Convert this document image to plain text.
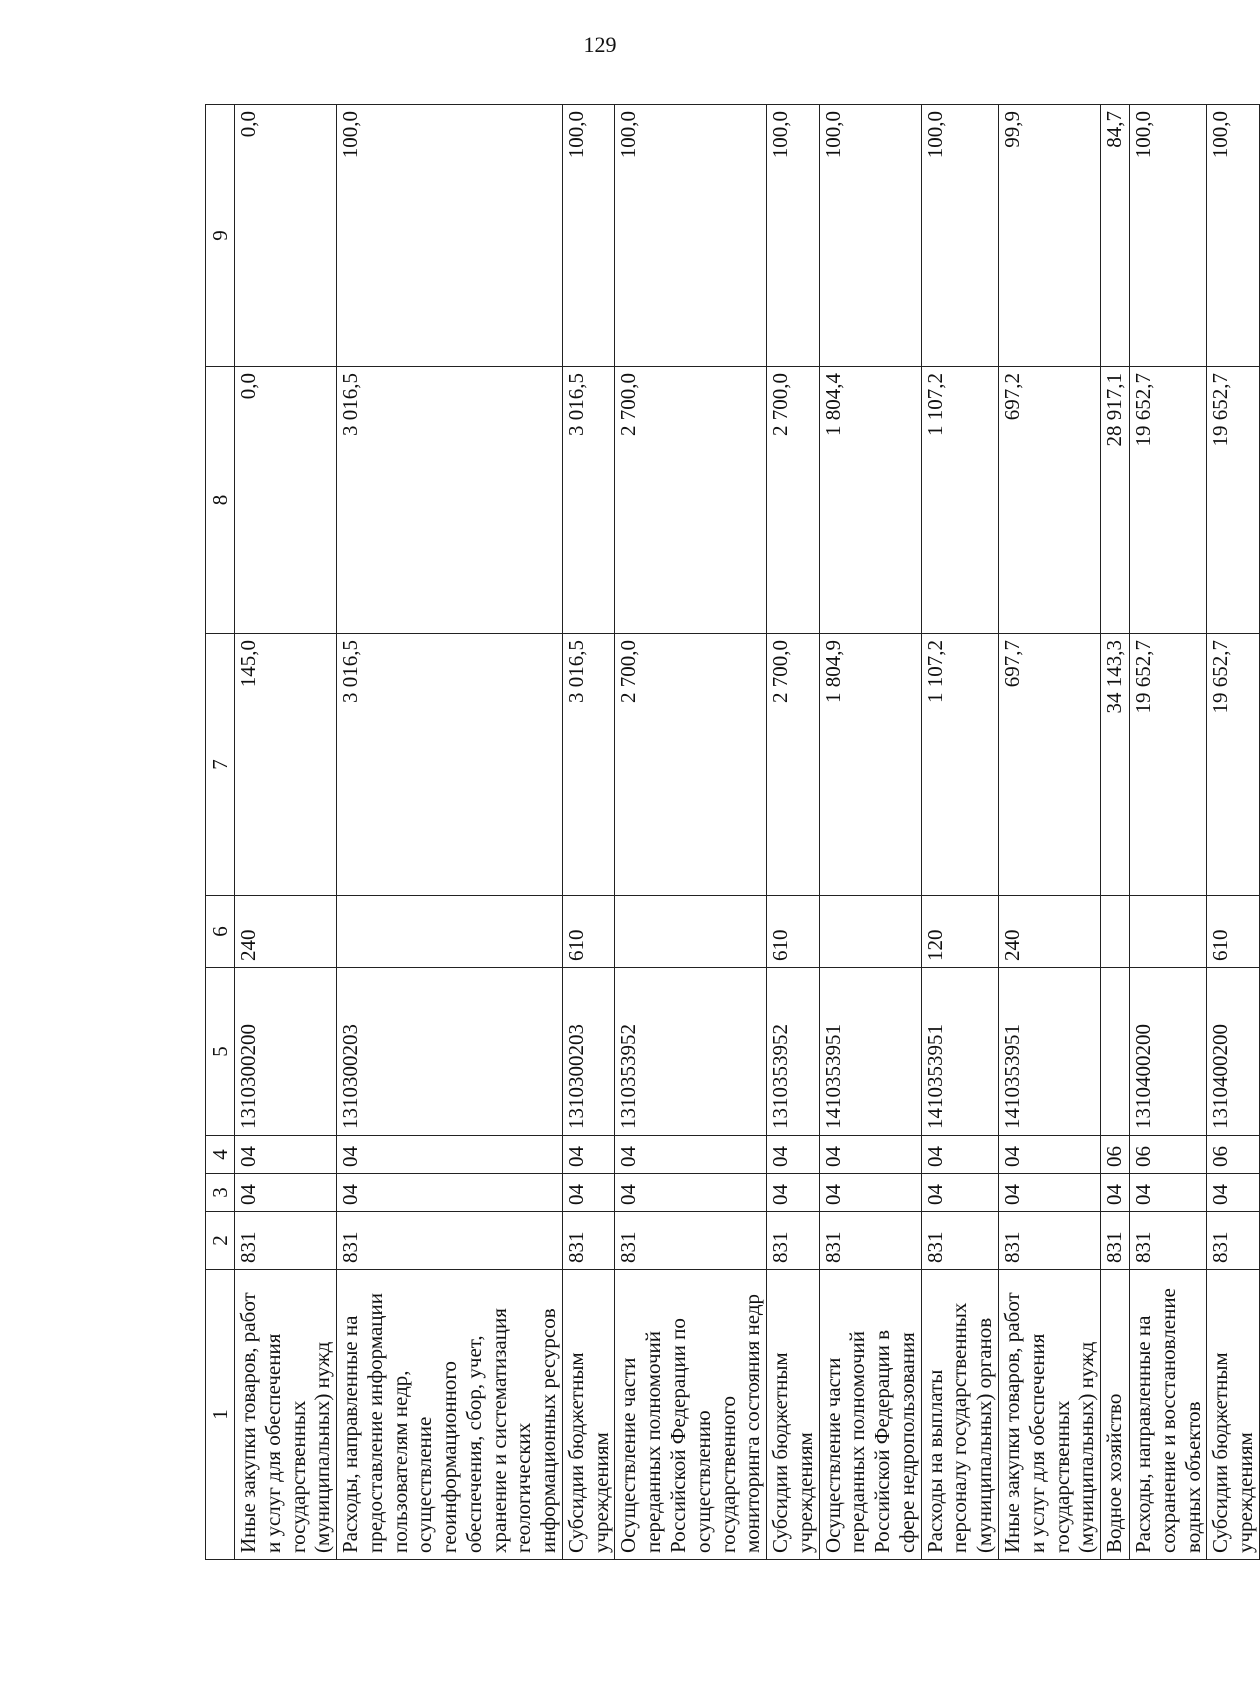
129
1	2	3	4	5	6	7	8	9
Иные закупки товаров, работ и услуг для обеспечения государственных (муниципальных) нужд	831	04	04	1310300200	240	145,0	0,0	0,0
Расходы, направленные на предоставление информации пользователям недр, осуществление геоинформационного обеспечения, сбор, учет, хранение и систематизация геологических информационных ресурсов	831	04	04	1310300203		3 016,5	3 016,5	100,0
Субсидии бюджетным учреждениям	831	04	04	1310300203	610	3 016,5	3 016,5	100,0
Осуществление части переданных полномочий Российской Федерации по осуществлению государственного мониторинга состояния недр	831	04	04	1310353952		2 700,0	2 700,0	100,0
Субсидии бюджетным учреждениям	831	04	04	1310353952	610	2 700,0	2 700,0	100,0
Осуществление части переданных полномочий Российской Федерации в сфере недропользования	831	04	04	1410353951		1 804,9	1 804,4	100,0
Расходы на выплаты персоналу государственных (муниципальных) органов	831	04	04	1410353951	120	1 107,2	1 107,2	100,0
Иные закупки товаров, работ и услуг для обеспечения государственных (муниципальных) нужд	831	04	04	1410353951	240	697,7	697,2	99,9
Водное хозяйство	831	04	06			34 143,3	28 917,1	84,7
Расходы, направленные на сохранение и восстановление водных объектов	831	04	06	1310400200		19 652,7	19 652,7	100,0
Субсидии бюджетным учреждениям	831	04	06	1310400200	610	19 652,7	19 652,7	100,0
